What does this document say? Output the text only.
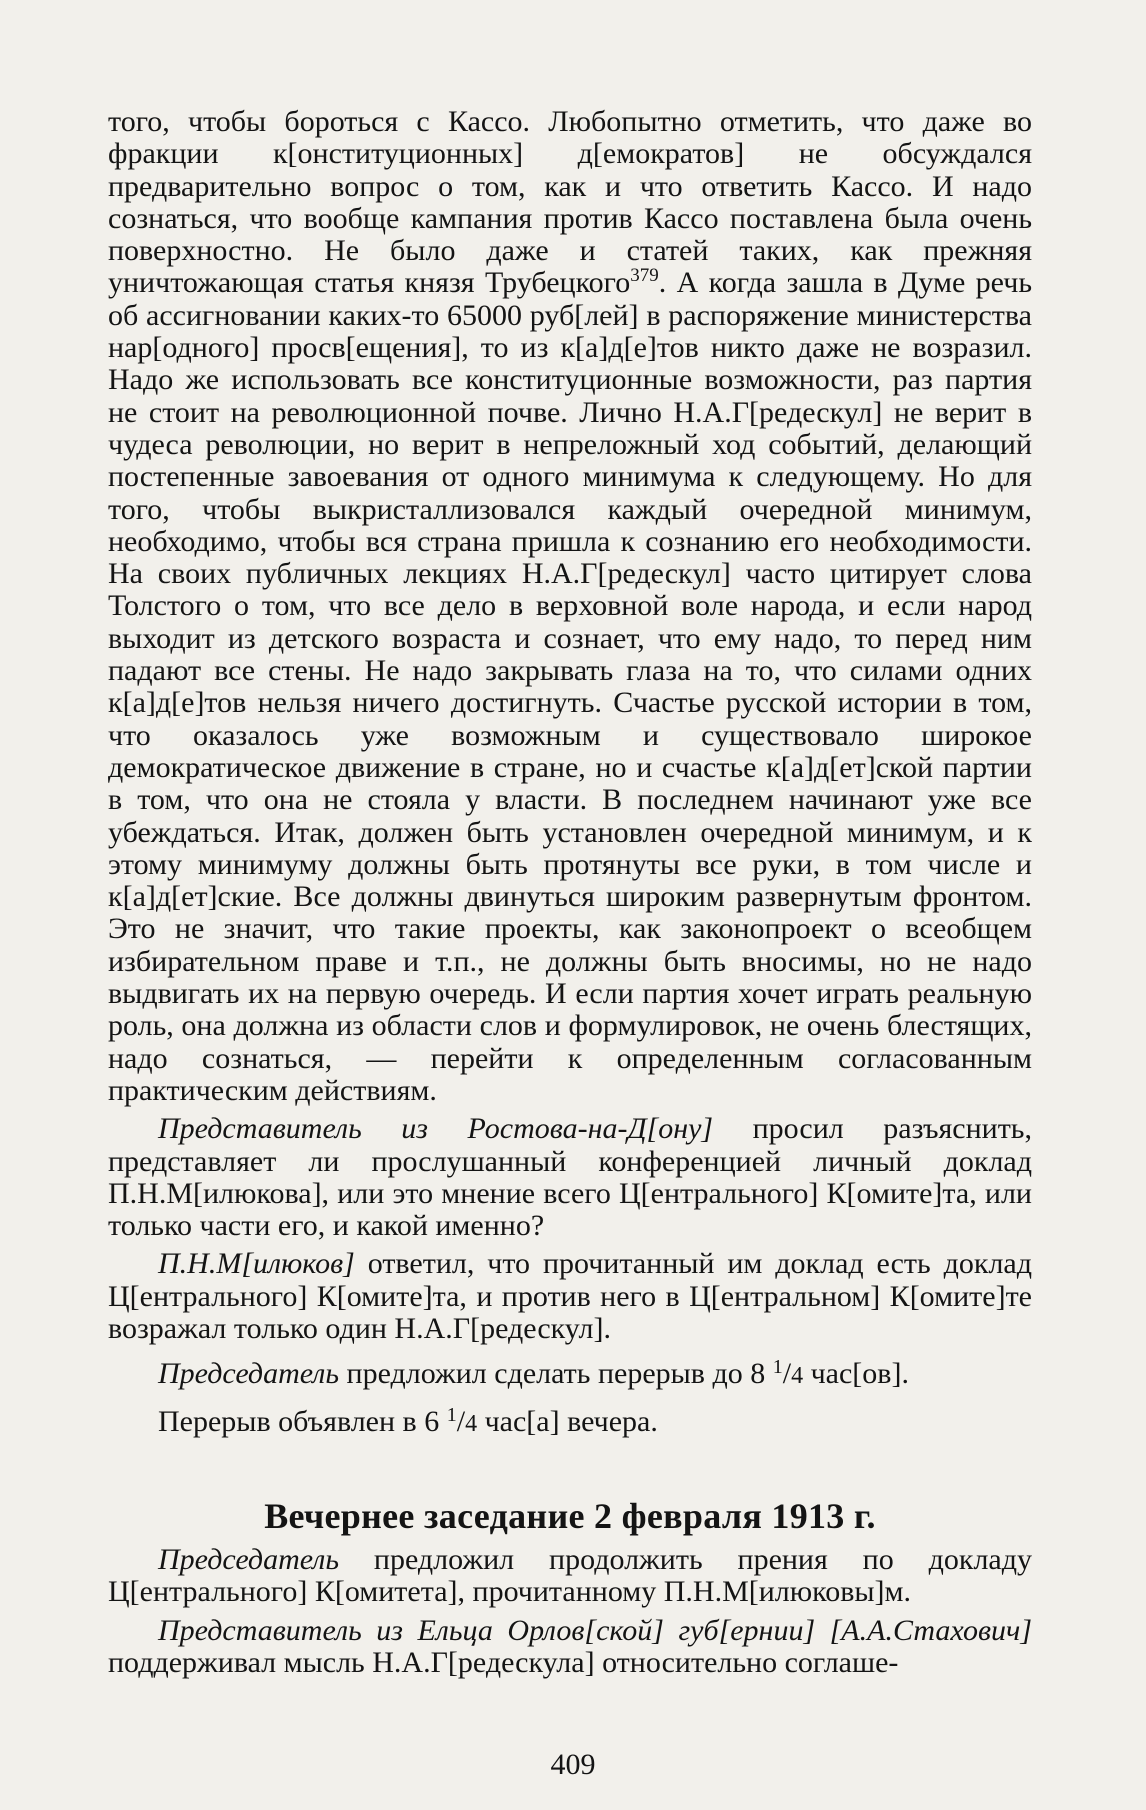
того, чтобы бороться с Кассо. Любопытно отметить, что даже во фракции к[онституционных] д[емократов] не обсуждался предварительно вопрос о том, как и что ответить Кассо. И надо сознаться, что вообще кампания против Кассо поставлена была очень поверхностно. Не было даже и статей таких, как прежняя уничтожающая статья князя Трубецкого$^{379}$. А когда зашла в Думе речь об ассигновании каких-то 65000 руб[лей] в распоряжение министерства нар[одного] просв[ещения], то из к[а]д[е]тов никто даже не возразил. Надо же использовать все конституционные возможности, раз партия не стоит на революционной почве. Лично Н.А.Г[редескул] не верит в чудеса революции, но верит в непреложный ход событий, делающий постепенные завоевания от одного минимума к следующему. Но для того, чтобы выкристаллизовался каждый очередной минимум, необходимо, чтобы вся страна пришла к сознанию его необходимости. На своих публичных лекциях Н.А.Г[редескул] часто цитирует слова Толстого о том, что все дело в верховной воле народа, и если народ выходит из детского возраста и сознает, что ему надо, то перед ним падают все стены. Не надо закрывать глаза на то, что силами одних к[а]д[е]тов нельзя ничего достигнуть. Счастье русской истории в том, что оказалось уже возможным и существовало широкое демократическое движение в стране, но и счастье к[а]д[ет]ской партии в том, что она не стояла у власти. В последнем начинают уже все убеждаться. Итак, должен быть установлен очередной минимум, и к этому минимуму должны быть протянуты все руки, в том числе и к[а]д[ет]ские. Все должны двинуться широким развернутым фронтом. Это не значит, что такие проекты, как законопроект о всеобщем избирательном праве и т.п., не должны быть вносимы, но не надо выдвигать их на первую очередь. И если партия хочет играть реальную роль, она должна из области слов и формулировок, не очень блестящих, надо сознаться, — перейти к определенным согласованным практическим действиям.

Представитель из Ростова-на-Д[ону] просил разъяснить, представляет ли прослушанный конференцией личный доклад П.Н.М[илюкова], или это мнение всего Ц[ентрального] К[омите]та, или только части его, и какой именно?

П.Н.М[илюков] ответил, что прочитанный им доклад есть доклад Ц[ентрального] К[омите]та, и против него в Ц[ентральном] К[омите]те возражал только один Н.А.Г[редескул].

Председатель предложил сделать перерыв до 8 $^1$/4 час[ов].

Перерыв объявлен в 6 $^1$/4 час[а] вечера.

Вечернее заседание 2 февраля 1913 г.

Председатель предложил продолжить прения по докладу Ц[ентрального] К[омитета], прочитанному П.Н.М[илюковы]м.

Представитель из Ельца Орлов[ской] губ[ернии] [А.А.Стахович] поддерживал мысль Н.А.Г[редескула] относительно соглаше-

409
